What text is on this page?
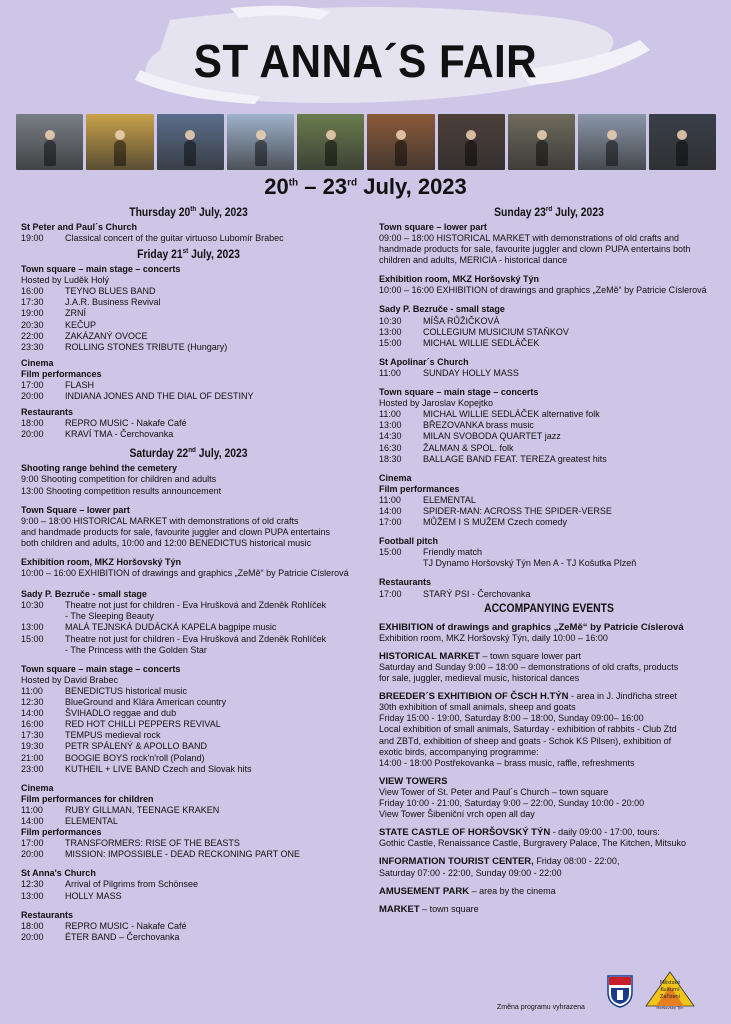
ST ANNA´S FAIR
20th – 23rd July, 2023
Thursday 20th July, 2023
St Peter and Paul´s Church
19:00	Classical concert of the guitar virtuoso Lubomír Brabec
Friday 21st July, 2023
Town square – main stage – concerts
Hosted by Luděk Holý
16:00	TEYNO BLUES BAND
17:30	J.A.R. Business Revival
19:00	ZRNÍ
20:30	KEČUP
22:00	ZAKÁZANÝ OVOCE
23:30	ROLLING STONES TRIBUTE (Hungary)
Cinema
Film performances
17:00	FLASH
20:00	INDIANA JONES AND THE DIAL OF DESTINY
Restaurants
18:00	REPRO MUSIC - Nakafe Café
20:00	KRAVÍ TMA - Čerchovanka
Saturday 22nd July, 2023
Shooting range behind the cemetery
9:00 Shooting competition for children and adults
13:00 Shooting competition results announcement
Town Square – lower part
9:00 – 18:00 HISTORICAL MARKET with demonstrations of old crafts
and handmade products for sale, favourite juggler and clown PUPA entertains
both children and adults, 10:00 and 12:00 BENEDICTUS historical music
Exhibition room, MKZ Horšovský Týn
10:00 – 16:00 EXHIBITION of drawings and graphics „ZeMě“ by Patricie Císlerová
Sady P. Bezruče - small stage
10:30	Theatre not just for children - Eva Hrušková and Zdeněk Rohlíček
- The Sleeping Beauty
13:00	MALÁ TEJNSKÁ DUDÁCKÁ KAPELA bagpipe music
15:00	Theatre not just for children - Eva Hrušková and Zdeněk Rohlíček
- The Princess with the Golden Star
Town square – main stage – concerts
Hosted by David Brabec
11:00	BENEDICTUS historical music
12:30	BlueGround and Klára American country
14:00	ŠVIHADLO reggae and dub
16:00	RED HOT CHILLI PEPPERS REVIVAL
17:30	TEMPUS medieval rock
19:30	PETR SPÁLENÝ & APOLLO BAND
21:00	BOOGIE BOYS rock'n'roll (Poland)
23:00	KUTHEIL + LIVE BAND Czech and Slovak hits
Cinema
Film performances for children
11:00	RUBY GILLMAN, TEENAGE KRAKEN
14:00	ELEMENTAL
Film performances
17:00	TRANSFORMERS: RISE OF THE BEASTS
20:00	MISSION: IMPOSSIBLE - DEAD RECKONING PART ONE
St Anna's Church
12:30	Arrival of Pilgrims from Schönsee
13:00	HOLLY MASS
Restaurants
18:00	REPRO MUSIC - Nakafe Café
20:00	ÉTER BAND – Čerchovanka
Sunday 23rd July, 2023
Town square – lower part
09:00 – 18:00 HISTORICAL MARKET with demonstrations of old crafts and
handmade products for sale, favourite juggler and clown PUPA entertains both
children and adults, MERICIA - historical dance
Exhibition room, MKZ Horšovský Týn
10:00 – 16:00 EXHIBITION of drawings and graphics „ZeMě“ by Patricie Císlerová
Sady P. Bezruče - small stage
10:30	MÍŠA RŮŽIČKOVÁ
13:00	COLLEGIUM MUSICIUM STAŇKOV
15:00	MICHAL WILLIE SEDLÁČEK
St Apolinar´s Church
11:00	SUNDAY HOLLY MASS
Town square – main stage – concerts
Hosted by Jaroslav Kopejtko
11:00	MICHAL WILLIE SEDLÁČEK alternative folk
13:00	BŘEZOVANKA brass music
14:30	MILAN SVOBODA QUARTET jazz
16:30	ŽALMAN & SPOL. folk
18:30	BALLAGE BAND FEAT. TEREZA greatest hits
Cinema
Film performances
11:00	ELEMENTAL
14:00	SPIDER-MAN: ACROSS THE SPIDER-VERSE
17:00	MŮŽEM I S MUŽEM Czech comedy
Football pitch
15:00	Friendly match
TJ Dynamo Horšovský Týn Men A - TJ Košutka Plzeň
Restaurants
17:00	STARÝ PSI - Čerchovanka
ACCOMPANYING EVENTS
EXHIBITION of drawings and graphics „ZeMě“ by Patricie Císlerová
Exhibition room, MKZ Horšovský Týn, daily 10:00 – 16:00
HISTORICAL MARKET – town square lower part
Saturday and Sunday 9:00 – 18:00 – demonstrations of old crafts, products
for sale, juggler, medieval music, historical dances
BREEDER´S EXHITIBION OF ČSCH H.TÝN - area in J. Jindřicha street
30th exhibition of small animals, sheep and goats
Friday 15:00 - 19:00, Saturday 8:00 – 18:00, Sunday 09:00– 16:00
Local exhibition of small animals, Saturday - exhibition of rabbits - Club Ztd
and ZBTd, exhibition of sheep and goats - Schok KS Pilsen), exhibition of
exotic birds, accompanying programme:
14:00 - 18:00 Postřekovanka – brass music, raffle, refreshments
VIEW TOWERS
View Tower of St. Peter and Paul´s Church – town square
Friday 10:00 - 21:00, Saturday 9:00 – 22:00, Sunday 10:00 - 20:00
View Tower Šibeniční vrch open all day
STATE CASTLE OF HORŠOVSKÝ TÝN - daily 09:00 - 17:00, tours:
Gothic Castle, Renaissance Castle, Burgravery Palace, The Kitchen, Mitsuko
INFORMATION TOURIST CENTER, Friday 08:00 - 22:00,
Saturday 07:00 - 22:00, Sunday 09:00 - 22:00
AMUSEMENT PARK – area by the cinema
MARKET – town square
Městské
Kulturní
Zařízení
Horšovský Týn
Změna programu vyhrazena
